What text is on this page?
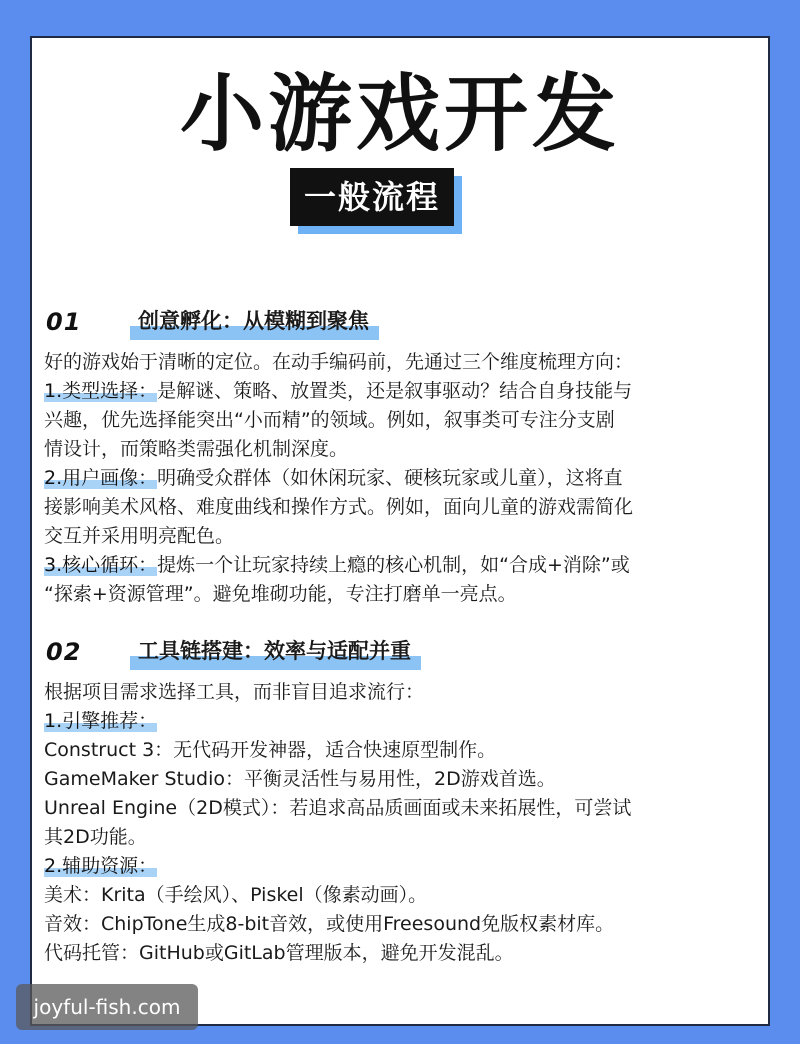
小游戏开发
一般流程
01	创意孵化：从模糊到聚焦
好的游戏始于清晰的定位。在动手编码前，先通过三个维度梳理方向：
1.类型选择：是解谜、策略、放置类，还是叙事驱动？结合自身技能与
兴趣，优先选择能突出“小而精”的领域。例如，叙事类可专注分支剧
情设计，而策略类需强化机制深度。
2.用户画像：明确受众群体（如休闲玩家、硬核玩家或儿童），这将直
接影响美术风格、难度曲线和操作方式。例如，面向儿童的游戏需简化
交互并采用明亮配色。
3.核心循环：提炼一个让玩家持续上瘾的核心机制，如“合成+消除”或
“探索+资源管理”。避免堆砌功能，专注打磨单一亮点。
02	工具链搭建：效率与适配并重
根据项目需求选择工具，而非盲目追求流行：
1.引擎推荐：
Construct 3：无代码开发神器，适合快速原型制作。
GameMaker Studio：平衡灵活性与易用性，2D游戏首选。
Unreal Engine（2D模式）：若追求高品质画面或未来拓展性，可尝试
其2D功能。
2.辅助资源：
美术：Krita（手绘风）、Piskel（像素动画）。
音效：ChipTone生成8-bit音效，或使用Freesound免版权素材库。
代码托管：GitHub或GitLab管理版本，避免开发混乱。
joyful-fish.com
